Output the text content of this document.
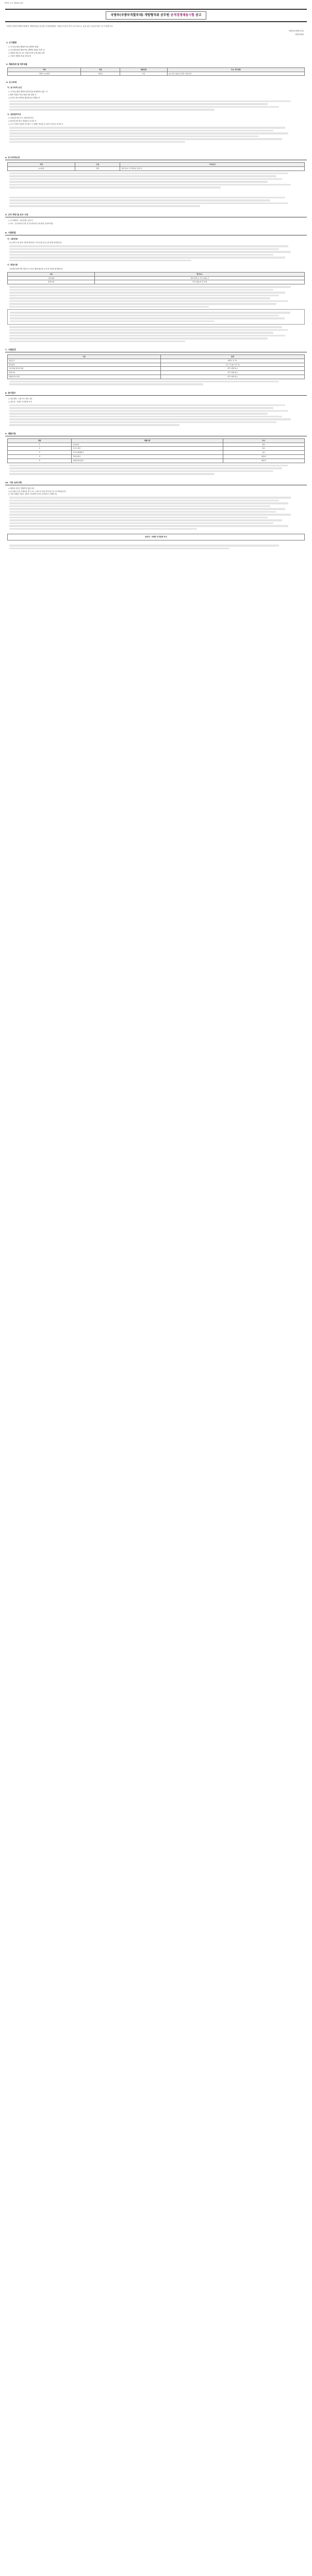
국방부 공고 제2021-8호
국방부(국방부직할부대) 개방형직위 공무원 공개경쟁채용시험 공고
국방부(국방부직할부대)에서 개방형직위 공무원 공개경쟁채용 시험을 다음과 같이 공고하오니, 관심 있는 분들의 많은 응시 바랍니다.
2021년 4월 21일
국방부장관
1. 근거법령
○ 국가공무원법 제28조의4 (개방형 직위)
○ 공무원임용령 제3조의2 (개방형 직위의 지정 등)
○ 개방형 직위 및 공모 직위의 운영 등에 관한 규정
○ 국방부 개방형 직위 운영규정
2. 채용직위 및 직무내용
직위	직급	채용인원	주요 직무내용
국방부 ○○과장	과장급	1명	○○ 업무 총괄 및 정책 기획·조정
3. 응시자격
가. 응시자격 요건
○ 국가공무원법 제33조(결격사유)에 해당하지 않는 자
○ 해당 직위의 직무수행요건을 갖춘 자
○ 남자의 경우 병역을 필하였거나 면제된 자
나. 임용결격사유
○ 피성년후견인 또는 피한정후견인
○ 파산선고를 받고 복권되지 아니한 자
○ 금고 이상의 실형을 선고받고 그 집행이 종료된 후 5년이 지나지 아니한 자
4. 응시자격요건
직위	구분	자격요건
○○과장	경력	관련 분야 근무경력을 갖춘 자
5. 근무 예정 및 보수 수준
○ 근무예정지 : 서울특별시 용산구
○ 보수 : 공무원보수규정 및 공무원수당 등에 관한 규정에 따름
6. 시험방법
가. 서류전형
응시자격 요건 충족 여부를 확인하고 직무수행 요건 등을 종합 평가합니다.
나. 면접시험
서류전형 합격자를 대상으로 직무수행에 필요한 능력 및 자질을 평가합니다.
구분	평가요소
서류전형	경력·학력 등 직무수행요건
면접시험	직무수행능력 및 자질
7. 시험일정
구분	일정
채용공고	2021. 4. 21.
원서접수	공고 후 접수기간 내
서류전형 합격자 발표	추후 개별 통보
면접시험	추후 개별 통보
최종합격자 발표	추후 개별 통보
8. 원서접수
○ 접수방법 : 우편 또는 방문 접수
○ 접수처 : 국방부 인사담당 부서
9. 제출서류
연번	제출서류	비고
1	응시원서	필수
2	자기소개서	필수
3	직무수행계획서	필수
4	경력증명서	해당자
5	최종학력증명서	해당자
10. 기타 유의사항
○ 제출된 서류는 반환하지 않습니다.
○ 응시원서 등의 기재사항 착오 또는 누락으로 인한 불이익은 응시자 책임입니다.
○ 기타 자세한 사항은 국방부 인사담당 부서로 문의하시기 바랍니다.
문의처 : 국방부 인사담당 부서
